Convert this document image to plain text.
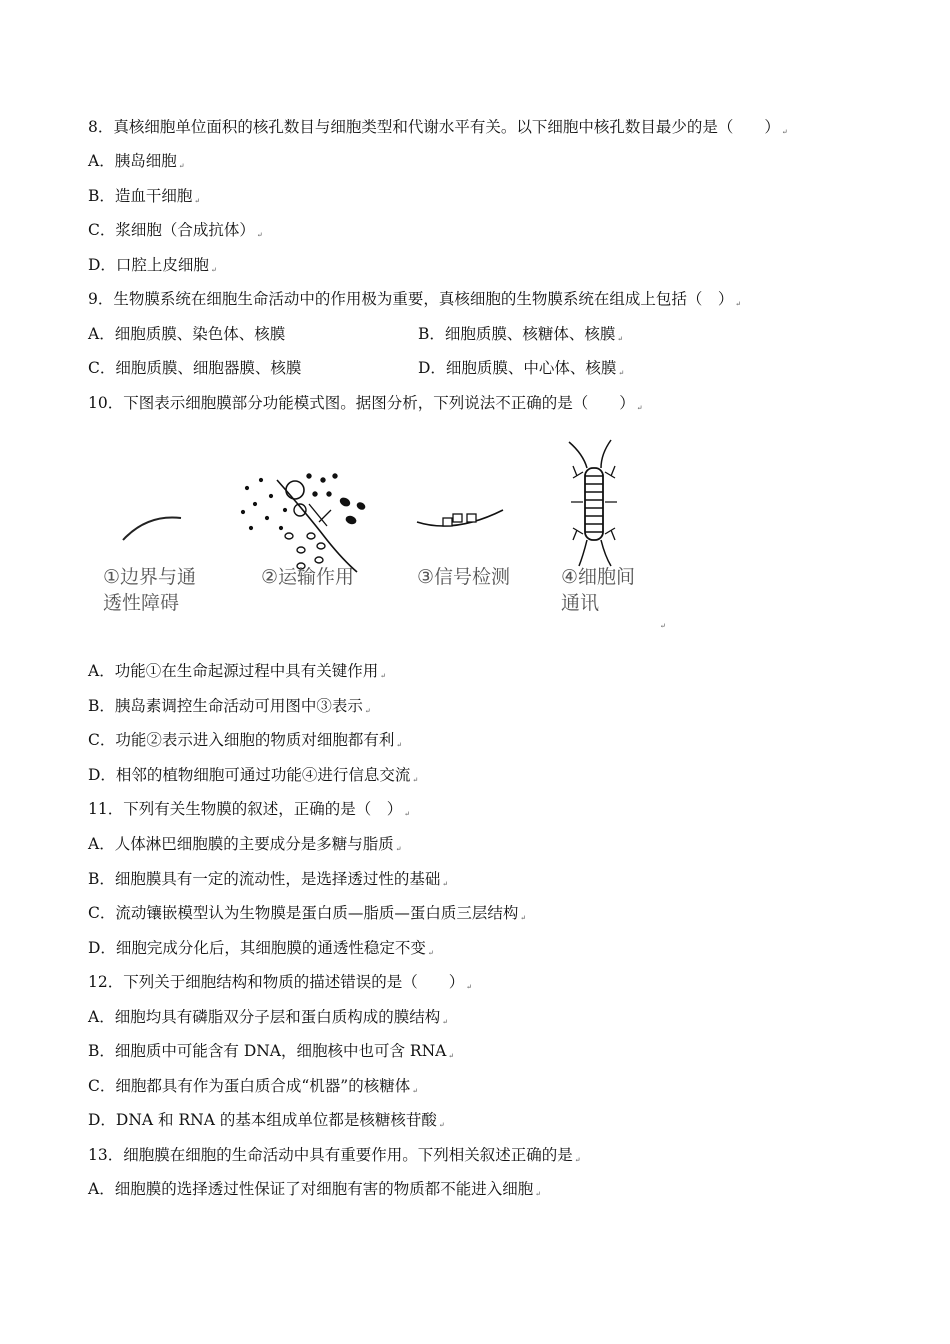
8．真核细胞单位面积的核孔数目与细胞类型和代谢水平有关。以下细胞中核孔数目最少的是（　　） ↵
A．胰岛细胞 ↵
B．造血干细胞 ↵
C．浆细胞（合成抗体） ↵
D．口腔上皮细胞 ↵
9．生物膜系统在细胞生命活动中的作用极为重要，真核细胞的生物膜系统在组成上包括（　） ↵
A．细胞质膜、染色体、核膜	B．细胞质膜、核糖体、核膜 ↵
C．细胞质膜、细胞器膜、核膜	D．细胞质膜、中心体、核膜 ↵
10．下图表示细胞膜部分功能模式图。据图分析，下列说法不正确的是（　　） ↵
①边界与通
透性障碍
②运输作用	③信号检测	④细胞间
通讯
↵
A．功能①在生命起源过程中具有关键作用 ↵
B．胰岛素调控生命活动可用图中③表示 ↵
C．功能②表示进入细胞的物质对细胞都有利 ↵
D．相邻的植物细胞可通过功能④进行信息交流 ↵
11．下列有关生物膜的叙述，正确的是（　） ↵
A．人体淋巴细胞膜的主要成分是多糖与脂质 ↵
B．细胞膜具有一定的流动性，是选择透过性的基础 ↵
C．流动镶嵌模型认为生物膜是蛋白质—脂质—蛋白质三层结构 ↵
D．细胞完成分化后，其细胞膜的通透性稳定不变 ↵
12．下列关于细胞结构和物质的描述错误的是（　　） ↵
A．细胞均具有磷脂双分子层和蛋白质构成的膜结构 ↵
B．细胞质中可能含有 DNA，细胞核中也可含 RNA ↵
C．细胞都具有作为蛋白质合成“机器”的核糖体 ↵
D．DNA 和 RNA 的基本组成单位都是核糖核苷酸 ↵
13．细胞膜在细胞的生命活动中具有重要作用。下列相关叙述正确的是 ↵
A．细胞膜的选择透过性保证了对细胞有害的物质都不能进入细胞 ↵
